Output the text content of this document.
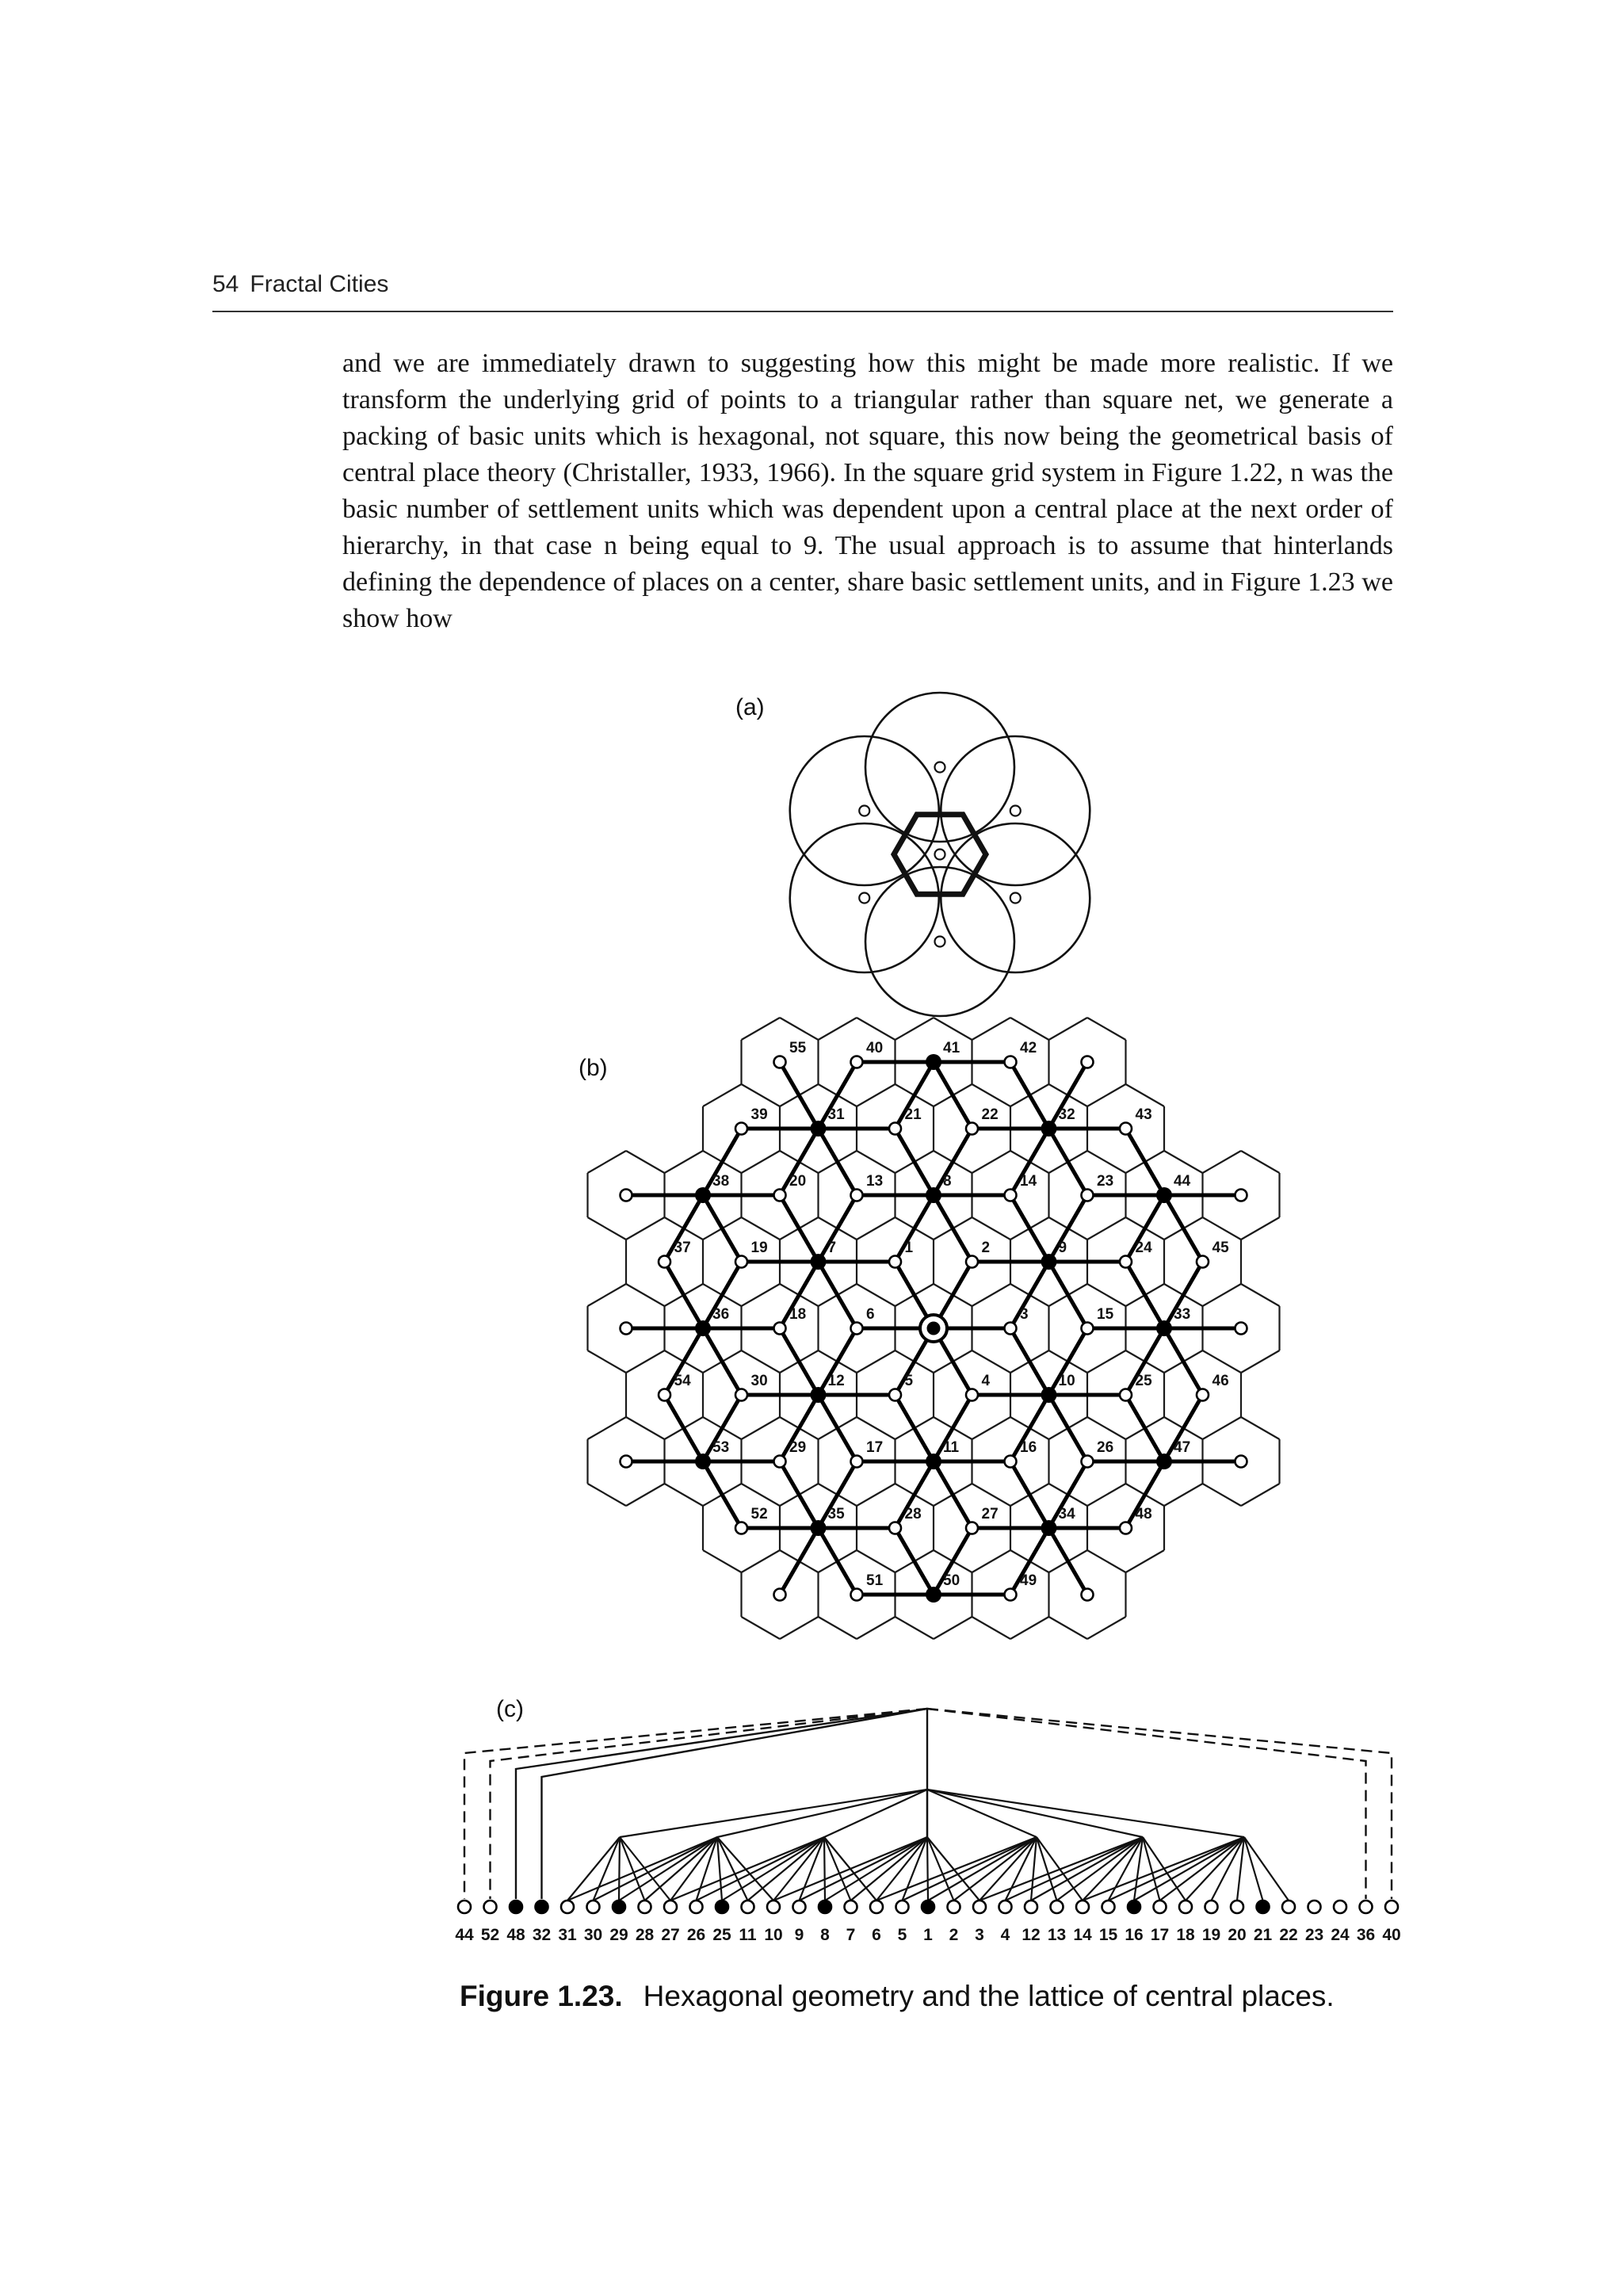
54 Fractal Cities

and we are immediately drawn to suggesting how this might be made more realistic. If we transform the underlying grid of points to a triangular rather than square net, we generate a packing of basic units which is hexagonal, not square, this now being the geometrical basis of central place theory (Christaller, 1933, 1966). In the square grid system in Figure 1.22, n was the basic number of settlement units which was dependent upon a central place at the next order of hierarchy, in that case n being equal to 9. The usual approach is to assume that hinterlands defining the dependence of places on a center, share basic settlement units, and in Figure 1.23 we show how

(a)
(b)
(c)
1	2
3
4
5
6
7
8
9
10
11
12
13	14
15
16
17
18
19
20
21	22
23
24
25
26
27
28
29
30
31	32
33
34
35
36
37
38
39
40	41	42
43
44
45
46
47
48
49
50
51
52
53
54
55
44 52 48 32 31 30 29 28 27 26 25 11 10 9 8 7 6 5 1 2 3 4 12 13 14 15 16 17 18 19 20 21 22 23 24 36 40
Figure 1.23. Hexagonal geometry and the lattice of central places.
